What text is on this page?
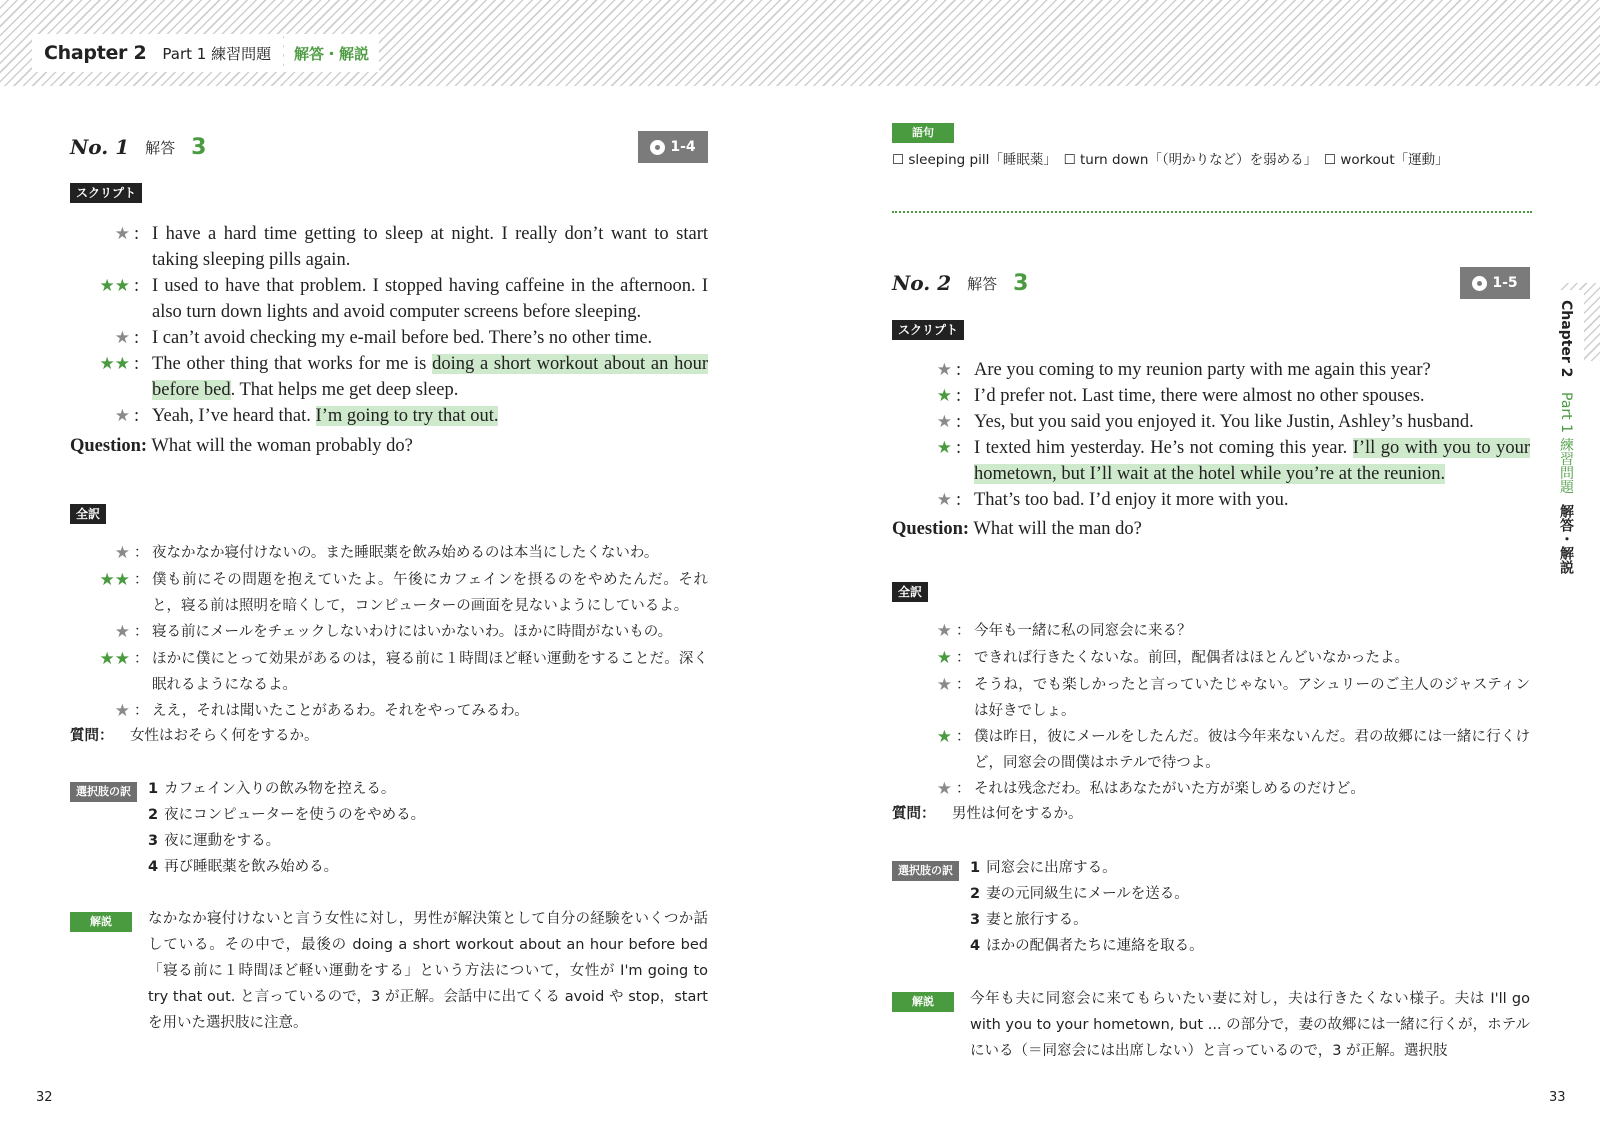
Chapter 2 Part 1 練習問題 解答・解説
Chapter 2 Part 1 練習問題 解答・解説
No. 1 解答 3	1-4
スクリプト
★ : I have a hard time getting to sleep at night. I really don’t want to start taking sleeping pills again.
★★ : I used to have that problem. I stopped having caffeine in the afternoon. I also turn down lights and avoid computer screens before sleeping.
★ : I can’t avoid checking my e-mail before bed. There’s no other time.
★★ : The other thing that works for me is doing a short workout about an hour before bed. That helps me get deep sleep.
★ : Yeah, I’ve heard that. I’m going to try that out.
Question: What will the woman probably do?
全訳
★ ： 夜なかなか寝付けないの。また睡眠薬を飲み始めるのは本当にしたくないわ。
★★ ： 僕も前にその問題を抱えていたよ。午後にカフェインを摂るのをやめたんだ。それと，寝る前は照明を暗くして，コンピューターの画面を見ないようにしているよ。
★ ： 寝る前にメールをチェックしないわけにはいかないわ。ほかに時間がないもの。
★★ ： ほかに僕にとって効果があるのは，寝る前に１時間ほど軽い運動をすることだ。深く眠れるようになるよ。
★ ： ええ，それは聞いたことがあるわ。それをやってみるわ。
質問：	女性はおそらく何をするか。
選択肢の訳	1 カフェイン入りの飲み物を控える。
2 夜にコンピューターを使うのをやめる。
3 夜に運動をする。
4 再び睡眠薬を飲み始める。
解説	なかなか寝付けないと言う女性に対し，男性が解決策として自分の経験をいくつか話している。その中で，最後の doing a short workout about an hour before bed「寝る前に１時間ほど軽い運動をする」という方法について，女性が I'm going to try that out. と言っているので，3 が正解。会話中に出てくる avoid や stop，start を用いた選択肢に注意。
32
語句
☐ sleeping pill「睡眠薬」　☐ turn down「（明かりなど）を弱める」　☐ workout「運動」
No. 2 解答 3	1-5
スクリプト
★ : Are you coming to my reunion party with me again this year?
★ : I’d prefer not. Last time, there were almost no other spouses.
★ : Yes, but you said you enjoyed it. You like Justin, Ashley’s husband.
★ : I texted him yesterday. He’s not coming this year. I’ll go with you to your hometown, but I’ll wait at the hotel while you’re at the reunion.
★ : That’s too bad. I’d enjoy it more with you.
Question: What will the man do?
全訳
★ ： 今年も一緒に私の同窓会に来る？
★ ： できれば行きたくないな。前回，配偶者はほとんどいなかったよ。
★ ： そうね，でも楽しかったと言っていたじゃない。アシュリーのご主人のジャスティンは好きでしょ。
★ ： 僕は昨日，彼にメールをしたんだ。彼は今年来ないんだ。君の故郷には一緒に行くけど，同窓会の間僕はホテルで待つよ。
★ ： それは残念だわ。私はあなたがいた方が楽しめるのだけど。
質問：	男性は何をするか。
選択肢の訳	1 同窓会に出席する。
2 妻の元同級生にメールを送る。
3 妻と旅行する。
4 ほかの配偶者たちに連絡を取る。
解説	今年も夫に同窓会に来てもらいたい妻に対し，夫は行きたくない様子。夫は I'll go with you to your hometown, but ... の部分で，妻の故郷には一緒に行くが，ホテルにいる（＝同窓会には出席しない）と言っているので，3 が正解。選択肢
33
